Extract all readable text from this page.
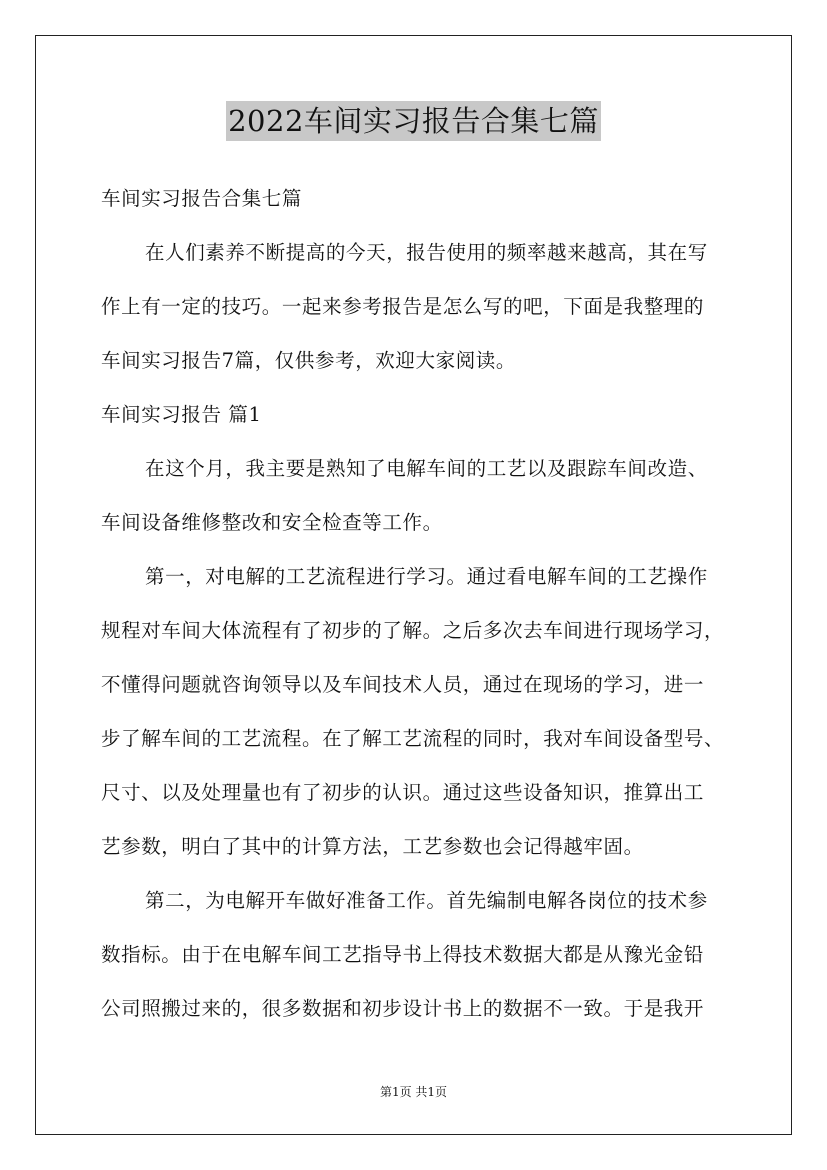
2022车间实习报告合集七篇
车间实习报告合集七篇
在人们素养不断提高的今天，报告使用的频率越来越高，其在写
作上有一定的技巧。一起来参考报告是怎么写的吧，下面是我整理的
车间实习报告7篇，仅供参考，欢迎大家阅读。
车间实习报告 篇1
在这个月，我主要是熟知了电解车间的工艺以及跟踪车间改造、
车间设备维修整改和安全检查等工作。
第一，对电解的工艺流程进行学习。通过看电解车间的工艺操作
规程对车间大体流程有了初步的了解。之后多次去车间进行现场学习，
不懂得问题就咨询领导以及车间技术人员，通过在现场的学习，进一
步了解车间的工艺流程。在了解工艺流程的同时，我对车间设备型号、
尺寸、以及处理量也有了初步的认识。通过这些设备知识，推算出工
艺参数，明白了其中的计算方法，工艺参数也会记得越牢固。
第二，为电解开车做好准备工作。首先编制电解各岗位的技术参
数指标。由于在电解车间工艺指导书上得技术数据大都是从豫光金铅
公司照搬过来的，很多数据和初步设计书上的数据不一致。于是我开
第1页 共1页
